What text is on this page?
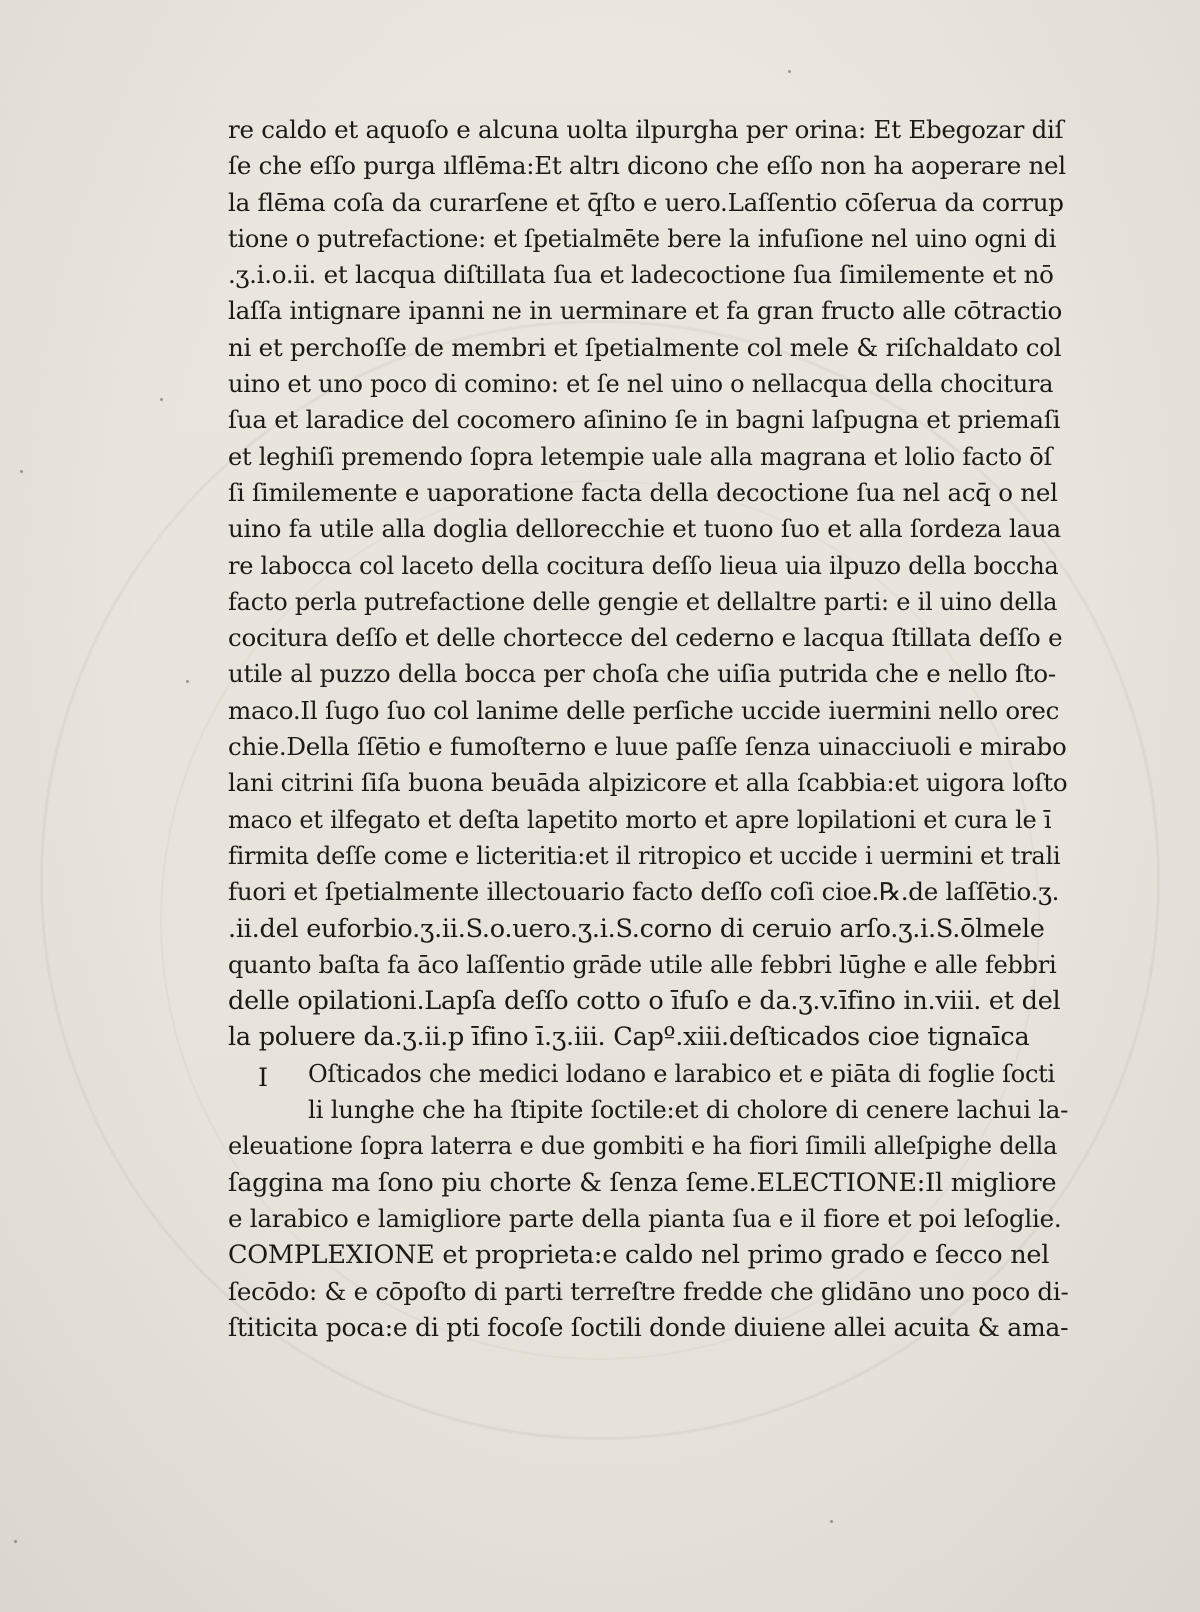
I
re caldo et aquoſo e alcuna uolta ilpurgha per orina: Et Ebegozar diſ
ſe che eſſo purga ılflēma:Et altrı dicono che eſſo non ha aoperare nel
la flēma coſa da curarſene et q̄ſto e uero.Laſſentio cōſerua da corrup
tione o putrefactione: et ſpetialmēte bere la infuſione nel uino ogni di
.ʒ.i.o.ii. et lacqua diſtillata ſua et ladecoctione ſua ſimilemente et nō
laſſa intignare ipanni ne in uerminare et fa gran fructo alle cōtractio
ni et perchoſſe de membri et ſpetialmente col mele & riſchaldato col
uino et uno poco di comino: et ſe nel uino o nellacqua della chocitura
ſua et laradice del cocomero aſinino ſe in bagni laſpugna et priemaſi
et leghiſi premendo ſopra letempie uale alla magrana et lolio facto ōſ
ſi ſimilemente e uaporatione facta della decoctione ſua nel acq̄ o nel
uino fa utile alla doglia dellorecchie et tuono ſuo et alla ſordeza laua
re labocca col laceto della cocitura deſſo lieua uia ilpuzo della boccha
facto perla putrefactione delle gengie et dellaltre parti: e il uino della
cocitura deſſo et delle chortecce del cederno e lacqua ſtillata deſſo e
utile al puzzo della bocca per choſa che uiſia putrida che e nello ſto-
maco.Il ſugo ſuo col lanime delle perſiche uccide iuermini nello orec
chie.Della ſſētio e fumoſterno e luue paſſe ſenza uinacciuoli e mirabo
lani citrini ſiſa buona beuāda alpizicore et alla ſcabbia:et uigora loſto
maco et ilfegato et deſta lapetito morto et apre lopilationi et cura le ī
firmita deſſe come e licteritia:et il ritropico et uccide i uermini et trali
fuori et ſpetialmente illectouario facto deſſo coſi cioe.℞.de laſſētio.ʒ.
.ii.del euforbio.ʒ.ii.S.o.uero.ʒ.i.S.corno di ceruio arſo.ʒ.i.S.ōlmele
quanto baſta fa āco laſſentio grāde utile alle febbri lūghe e alle febbri
delle opilationi.Lapſa deſſo cotto o īfuſo e da.ʒ.v.īfino in.viii. et del
la poluere da.ʒ.ii.p īfino ī.ʒ.iii. Capº.xiii.deſticados cioe tignaīca
Oſticados che medici lodano e larabico et e piāta di foglie ſocti
li lunghe che ha ſtipite ſoctile:et di cholore di cenere lachui la-
eleuatione ſopra laterra e due gombiti e ha fiori ſimili alleſpighe della
ſaggina ma ſono piu chorte & ſenza ſeme.ELECTIONE:Il migliore
e larabico e lamigliore parte della pianta ſua e il fiore et poi leſoglie.
COMPLEXIONE et proprieta:e caldo nel primo grado e ſecco nel
ſecōdo: & e cōpoſto di parti terreſtre fredde che glidāno uno poco di-
ſtiticita poca:e di pti focoſe ſoctili donde diuiene allei acuita & ama-
